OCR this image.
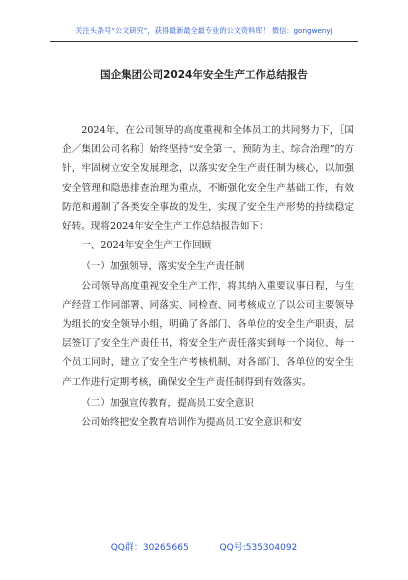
关注头条号“公文研究”，获得最新最全最专业的公文资料库！ 微信：gongwenyj
国企集团公司2024年安全生产工作总结报告

2024年，在公司领导的高度重视和全体员工的共同努力下，［国企／集团公司名称］始终坚持“安全第一、预防为主、综合治理”的方针，牢固树立安全发展理念，以落实安全生产责任制为核心，以加强安全管理和隐患排查治理为重点，不断强化安全生产基础工作，有效防范和遏制了各类安全事故的发生，实现了安全生产形势的持续稳定好转。现将2024年安全生产工作总结报告如下：

一、2024年安全生产工作回顾

（一）加强领导，落实安全生产责任制

公司领导高度重视安全生产工作，将其纳入重要议事日程，与生产经营工作同部署、同落实、同检查、同考核成立了以公司主要领导为组长的安全领导小组，明确了各部门、各单位的安全生产职责，层层签订了安全生产责任书，将安全生产责任落实到每一个岗位、每一个员工同时，建立了安全生产考核机制，对各部门、各单位的安全生产工作进行定期考核，确保安全生产责任制得到有效落实。

（二）加强宣传教育，提高员工安全意识

公司始终把安全教育培训作为提高员工安全意识和安

QQ群：30265665	QQ号:535304092
